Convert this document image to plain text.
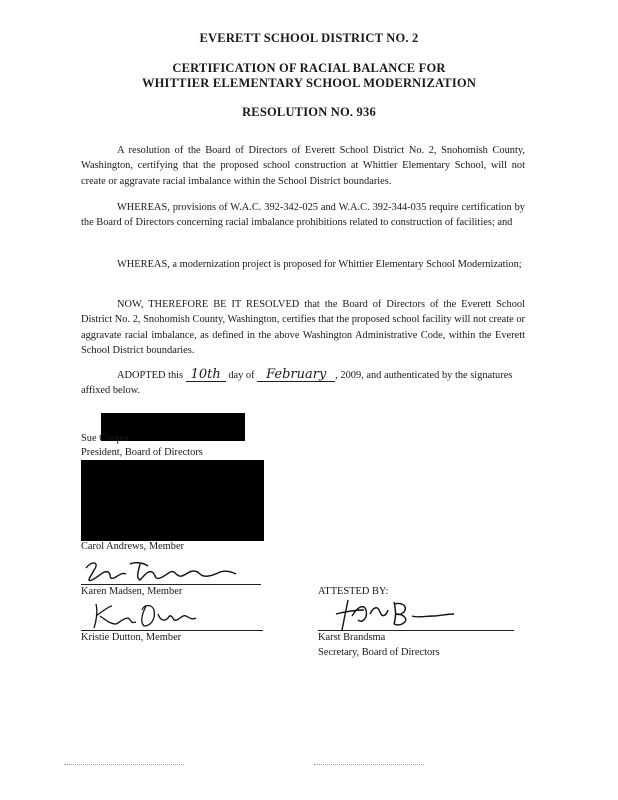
EVERETT SCHOOL DISTRICT NO. 2
CERTIFICATION OF RACIAL BALANCE FOR
WHITTIER ELEMENTARY SCHOOL MODERNIZATION
RESOLUTION NO. 936

A resolution of the Board of Directors of Everett School District No. 2, Snohomish County, Washington, certifying that the proposed school construction at Whittier Elementary School, will not create or aggravate racial imbalance within the School District boundaries.

WHEREAS, provisions of W.A.C. 392-342-025 and W.A.C. 392-344-035 require certification by the Board of Directors concerning racial imbalance prohibitions related to construction of facilities; and

WHEREAS, a modernization project is proposed for Whittier Elementary School Modernization;

NOW, THEREFORE BE IT RESOLVED that the Board of Directors of the Everett School District No. 2, Snohomish County, Washington, certifies that the proposed school facility will not create or aggravate racial imbalance, as defined in the above Washington Administrative Code, within the Everett School District boundaries.

ADOPTED this 10th day of February , 2009, and authenticated by the signatures affixed below.

Sue Cooper
President, Board of Directors
Carol Andrews, Member
Karen Madsen, Member
Kristie Dutton, Member
ATTESTED BY:
Karst Brandsma
Secretary, Board of Directors
